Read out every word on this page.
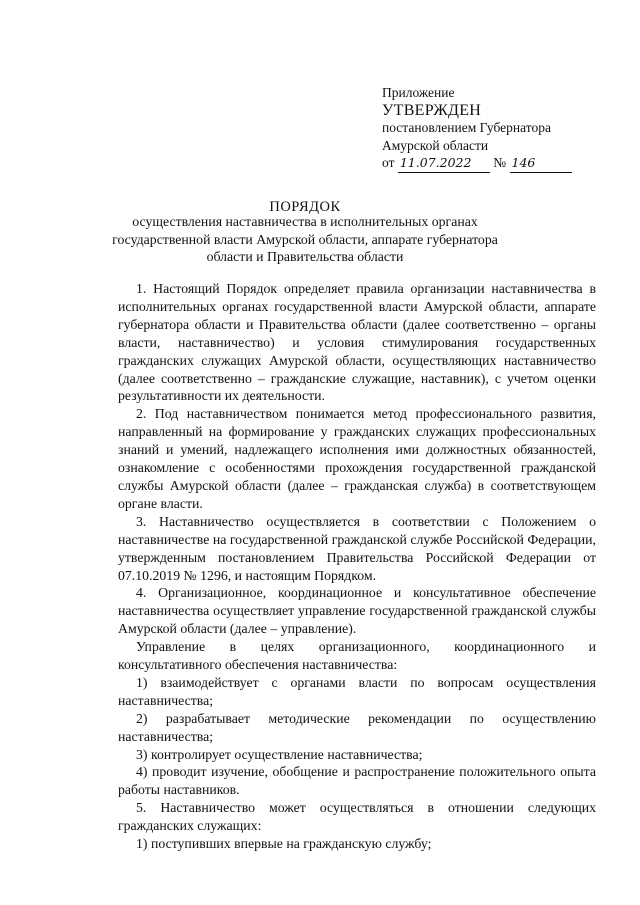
Приложение
УТВЕРЖДЕН
постановлением Губернатора
Амурской области
от 11.07.2022 № 146
ПОРЯДОК
осуществления наставничества в исполнительных органах государственной власти Амурской области, аппарате губернатора области и Правительства области

1. Настоящий Порядок определяет правила организации наставничества в исполнительных органах государственной власти Амурской области, аппарате губернатора области и Правительства области (далее соответственно – органы власти, наставничество) и условия стимулирования государственных гражданских служащих Амурской области, осуществляющих наставничество (далее соответственно – гражданские служащие, наставник), с учетом оценки результативности их деятельности.

2. Под наставничеством понимается метод профессионального развития, направленный на формирование у гражданских служащих профессиональных знаний и умений, надлежащего исполнения ими должностных обязанностей, ознакомление с особенностями прохождения государственной гражданской службы Амурской области (далее – гражданская служба) в соответствующем органе власти.

3. Наставничество осуществляется в соответствии с Положением о наставничестве на государственной гражданской службе Российской Федерации, утвержденным постановлением Правительства Российской Федерации от 07.10.2019 № 1296, и настоящим Порядком.

4. Организационное, координационное и консультативное обеспечение наставничества осуществляет управление государственной гражданской службы Амурской области (далее – управление).

Управление в целях организационного, координационного и консультативного обеспечения наставничества:

1) взаимодействует с органами власти по вопросам осуществления наставничества;

2) разрабатывает методические рекомендации по осуществлению наставничества;

3) контролирует осуществление наставничества;

4) проводит изучение, обобщение и распространение положительного опыта работы наставников.

5. Наставничество может осуществляться в отношении следующих гражданских служащих:

1) поступивших впервые на гражданскую службу;
